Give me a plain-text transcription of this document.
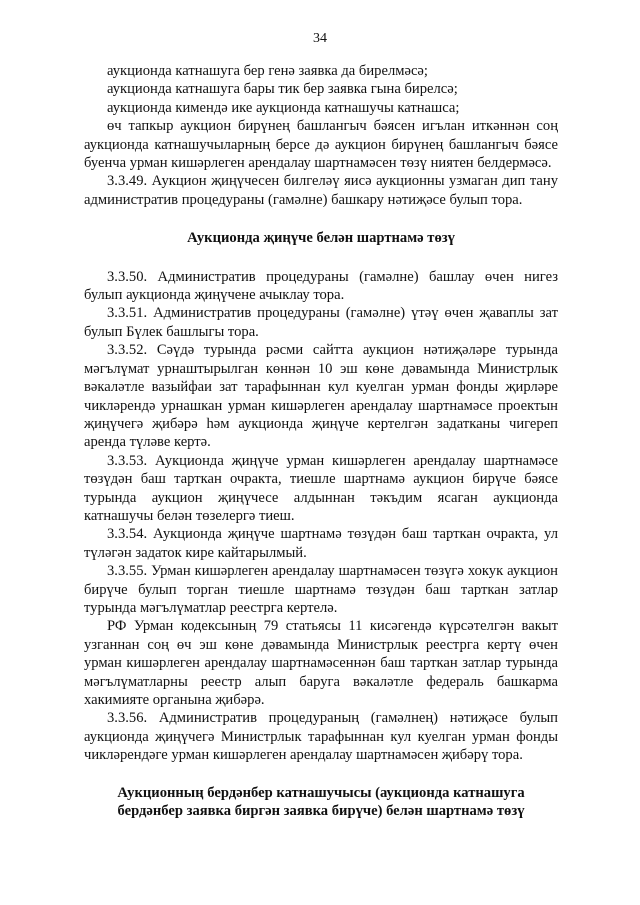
34

аукционда катнашуга бер генә заявка да бирелмәсә;

аукционда катнашуга бары тик бер заявка гына бирелсә;

аукционда кимендә ике аукционда катнашучы катнашса;

өч тапкыр аукцион бирүнең башлангыч бәясен игълан иткәннән соң аукционда катнашучыларның берсе дә аукцион бирүнең башлангыч бәясе буенча урман кишәрлеген арендалау шартнамәсен төзү ниятен белдермәсә.

3.3.49. Аукцион җиңүчесен билгеләү яисә аукционны узмаган дип тану административ процедураны (гамәлне) башкару нәтиҗәсе булып тора.

Аукционда җиңүче белән шартнамә төзү

3.3.50. Административ процедураны (гамәлне) башлау өчен нигез булып аукционда җиңүчене ачыклау тора.

3.3.51. Административ процедураны (гамәлне) үтәү өчен җаваплы зат булып Бүлек башлыгы тора.

3.3.52. Сәүдә турында рәсми сайтта аукцион нәтиҗәләре турында мәгълүмат урнаштырылган көннән 10 эш көне дәвамында Министрлык вәкаләтле вазыйфаи зат тарафыннан кул куелган урман фонды җирләре чикләрендә урнашкан урман кишәрлеген арендалау шартнамәсе проектын җиңүчегә җибәрә һәм аукционда җиңүче кертелгән задатканы чигереп аренда түләве кертә.

3.3.53. Аукционда җиңүче урман кишәрлеген арендалау шартнамәсе төзүдән баш тарткан очракта, тиешле шартнамә аукцион бирүче бәясе турында аукцион җиңүчесе алдыннан тәкъдим ясаган аукционда катнашучы белән төзелергә тиеш.

3.3.54. Аукционда җиңүче шартнамә төзүдән баш тарткан очракта, ул түләгән задаток кире кайтарылмый.

3.3.55. Урман кишәрлеген арендалау шартнамәсен төзүгә хокук аукцион бирүче булып торган тиешле шартнамә төзүдән баш тарткан затлар турында мәгълүматлар реестрга кертелә.

РФ Урман кодексының 79 статьясы 11 кисәгендә күрсәтелгән вакыт узганнан соң өч эш көне дәвамында Министрлык реестрга кертү өчен урман кишәрлеген арендалау шартнамәсеннән баш тарткан затлар турында мәгълүматларны реестр алып баруга вәкаләтле федераль башкарма хакимияте органына җибәрә.

3.3.56. Административ процедураның (гамәлнең) нәтиҗәсе булып аукционда җиңүчегә Министрлык тарафыннан кул куелган урман фонды чикләрендәге урман кишәрлеген арендалау шартнамәсен җибәрү тора.

Аукционның бердәнбер катнашучысы (аукционда катнашуга бердәнбер заявка биргән заявка бирүче) белән шартнамә төзү
